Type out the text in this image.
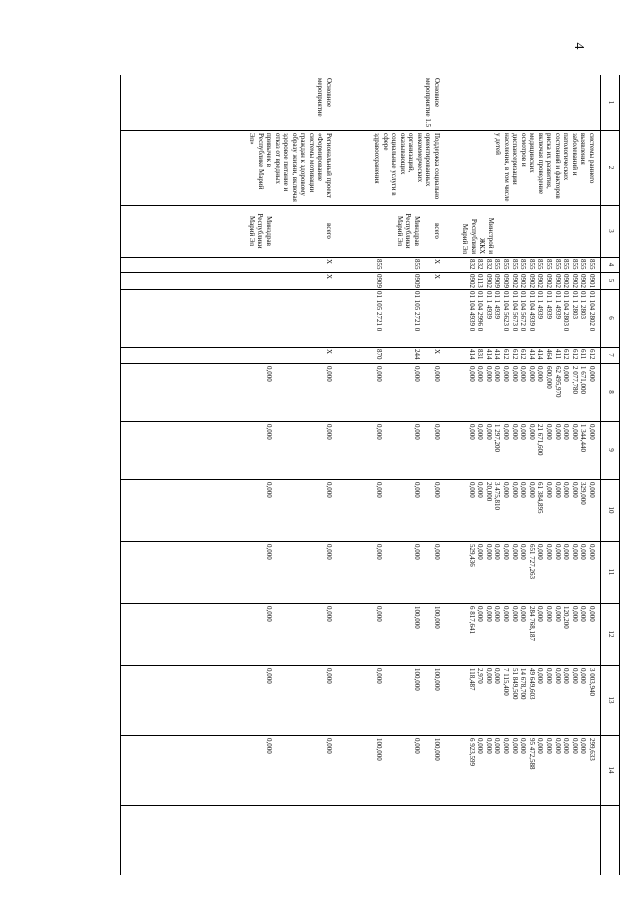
4
1
2
3
4
5
6
7
8
9
10
11
12
13
14
855
0901
01 104 2802 0
612
0,000
0,000
0,000
0,000
0,000
3 003,940
299,633
855
0902
01 1 2803
611
1 671,000
1 344,440
329,000
0,000
0,000
0,000
0,000
855
0902
01 1 2803
612
2 077,780
0,000
0,000
0,000
0,000
0,000
0,000
855
0902
01 104 2803 0
612
0,000
0,000
0,000
0,000
120,200
0,000
0,000
855
0902
01 1 4939
411
62 495,970
0,000
0,000
0,000
0,000
0,000
0,000
855
0902
01 1 4939
464
600,000
0,000
0,000
0,000
0,000
0,000
0,000
855
0902
01 1 4939
414
0,000
21 671,600
61 384,895
0,000
0,000
0,000
0,000
855
0902
01 104 4939 0
414
0,000
0,000
0,000
651 727,263
284 768,187
49 649,603
95 472,588
855
0902
01 104 5672 0
612
0,000
0,000
0,000
0,000
0,000
14 678,700
0,000
855
0902
01 104 5673 0
612
0,000
0,000
0,000
0,000
0,000
51 849,500
0,000
855
0909
01 104 5623 0
612
0,000
0,000
0,000
0,000
0,000
7 115,400
0,000
855
0909
01 1 4939
414
0,000
1 297,200
3 475,810
0,000
0,000
0,000
0,000
832
0902
01 1 4939
414
0,000
0,000
20,000
0,000
0,000
0,000
0,000
832
0113
01 104 2996 0
831
0,000
0,000
0,000
0,000
0,000
2,970
0,000
832
0902
01 104 4939 0
414
0,000
0,000
0,000
529,436
6 817,641
118,487
6 923,599
системы раннего выявления заболеваний и патологических состояний и факторов риска их развития, включая проведение медицинских осмотров и диспансеризации населения, в том числе у детей
Минстрой и ЖКХ Республики Марий Эл
Основное мероприятие 1.5
Поддержка социально ориентированных некоммерческих организаций, оказывающих социальные услуги в сфере здравоохранения
всего
X
X
X
0,000
0,000
0,000
0,000
100,000
100,000
100,000
Минздрав Республики Марий Эл
855
0909
01 105 2721 0
244
0,000
0,000
0,000
0,000
100,000
100,000
0,000
855
0909
01 105 2721 0
870
0,000
0,000
0,000
0,000
0,000
0,000
100,000
Основное мероприятие
Региональный проект «Формирование системы мотивации граждан к здоровому образу жизни, включая здоровое питание и отказ от вредных привычек в Республике Марий Эл»
всего
X
X
X
0,000
0,000
0,000
0,000
0,000
0,000
0,000
Минздрав Республики Марий Эл
0,000
0,000
0,000
0,000
0,000
0,000
0,000
